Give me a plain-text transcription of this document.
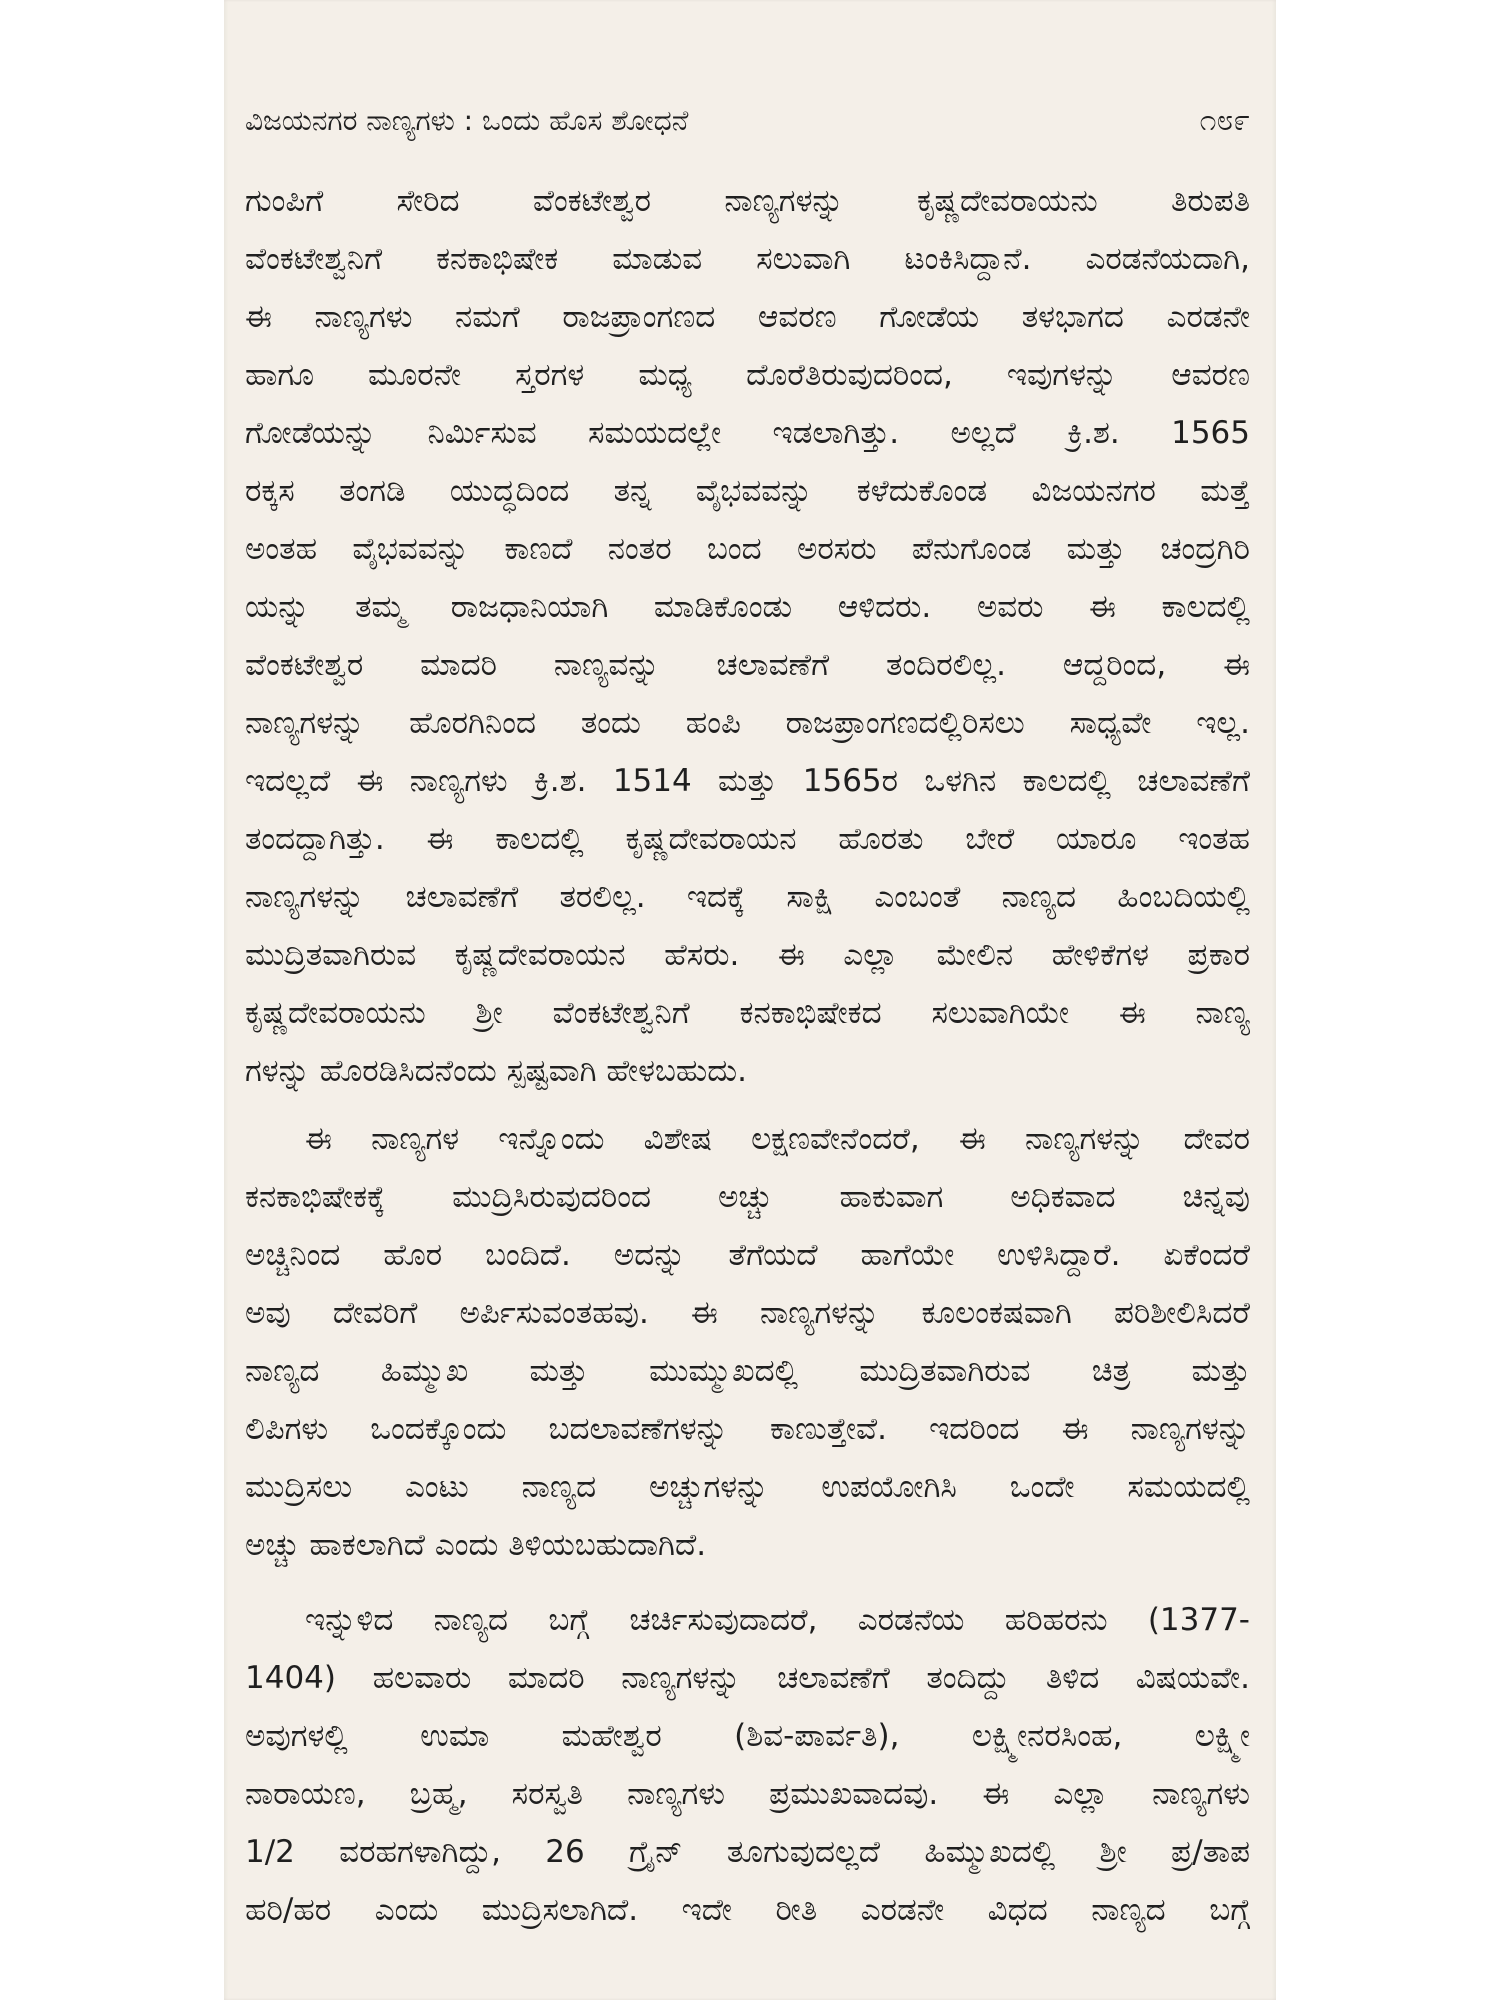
ವಿಜಯನಗರ ನಾಣ್ಯಗಳು : ಒಂದು ಹೊಸ ಶೋಧನೆ	೧೮೯
ಗುಂಪಿಗೆ ಸೇರಿದ ವೆಂಕಟೇಶ್ವರ ನಾಣ್ಯಗಳನ್ನು ಕೃಷ್ಣದೇವರಾಯನು ತಿರುಪತಿ
ವೆಂಕಟೇಶ್ವನಿಗೆ ಕನಕಾಭಿಷೇಕ ಮಾಡುವ ಸಲುವಾಗಿ ಟಂಕಿಸಿದ್ದಾನೆ. ಎರಡನೆಯದಾಗಿ,
ಈ ನಾಣ್ಯಗಳು ನಮಗೆ ರಾಜಪ್ರಾಂಗಣದ ಆವರಣ ಗೋಡೆಯ ತಳಭಾಗದ ಎರಡನೇ
ಹಾಗೂ ಮೂರನೇ ಸ್ತರಗಳ ಮಧ್ಯ ದೊರೆತಿರುವುದರಿಂದ, ಇವುಗಳನ್ನು ಆವರಣ
ಗೋಡೆಯನ್ನು ನಿರ್ಮಿಸುವ ಸಮಯದಲ್ಲೇ ಇಡಲಾಗಿತ್ತು. ಅಲ್ಲದೆ ಕ್ರಿ.ಶ. 1565
ರಕ್ಕಸ ತಂಗಡಿ ಯುದ್ಧದಿಂದ ತನ್ನ ವೈಭವವನ್ನು ಕಳೆದುಕೊಂಡ ವಿಜಯನಗರ ಮತ್ತೆ
ಅಂತಹ ವೈಭವವನ್ನು ಕಾಣದೆ ನಂತರ ಬಂದ ಅರಸರು ಪೆನುಗೊಂಡ ಮತ್ತು ಚಂದ್ರಗಿರಿ
ಯನ್ನು ತಮ್ಮ ರಾಜಧಾನಿಯಾಗಿ ಮಾಡಿಕೊಂಡು ಆಳಿದರು. ಅವರು ಈ ಕಾಲದಲ್ಲಿ
ವೆಂಕಟೇಶ್ವರ ಮಾದರಿ ನಾಣ್ಯವನ್ನು ಚಲಾವಣೆಗೆ ತಂದಿರಲಿಲ್ಲ. ಆದ್ದರಿಂದ, ಈ
ನಾಣ್ಯಗಳನ್ನು ಹೊರಗಿನಿಂದ ತಂದು ಹಂಪಿ ರಾಜಪ್ರಾಂಗಣದಲ್ಲಿರಿಸಲು ಸಾಧ್ಯವೇ ಇಲ್ಲ.
ಇದಲ್ಲದೆ ಈ ನಾಣ್ಯಗಳು ಕ್ರಿ.ಶ. 1514 ಮತ್ತು 1565ರ ಒಳಗಿನ ಕಾಲದಲ್ಲಿ ಚಲಾವಣೆಗೆ
ತಂದದ್ದಾಗಿತ್ತು. ಈ ಕಾಲದಲ್ಲಿ ಕೃಷ್ಣದೇವರಾಯನ ಹೊರತು ಬೇರೆ ಯಾರೂ ಇಂತಹ
ನಾಣ್ಯಗಳನ್ನು ಚಲಾವಣೆಗೆ ತರಲಿಲ್ಲ. ಇದಕ್ಕೆ ಸಾಕ್ಷಿ ಎಂಬಂತೆ ನಾಣ್ಯದ ಹಿಂಬದಿಯಲ್ಲಿ
ಮುದ್ರಿತವಾಗಿರುವ ಕೃಷ್ಣದೇವರಾಯನ ಹೆಸರು. ಈ ಎಲ್ಲಾ ಮೇಲಿನ ಹೇಳಿಕೆಗಳ ಪ್ರಕಾರ
ಕೃಷ್ಣದೇವರಾಯನು ಶ್ರೀ ವೆಂಕಟೇಶ್ವನಿಗೆ ಕನಕಾಭಿಷೇಕದ ಸಲುವಾಗಿಯೇ ಈ ನಾಣ್ಯ
ಗಳನ್ನು ಹೊರಡಿಸಿದನೆಂದು ಸ್ಪಷ್ಟವಾಗಿ ಹೇಳಬಹುದು.
ಈ ನಾಣ್ಯಗಳ ಇನ್ನೊಂದು ವಿಶೇಷ ಲಕ್ಷಣವೇನೆಂದರೆ, ಈ ನಾಣ್ಯಗಳನ್ನು ದೇವರ
ಕನಕಾಭಿಷೇಕಕ್ಕೆ ಮುದ್ರಿಸಿರುವುದರಿಂದ ಅಚ್ಚು ಹಾಕುವಾಗ ಅಧಿಕವಾದ ಚಿನ್ನವು
ಅಚ್ಚಿನಿಂದ ಹೊರ ಬಂದಿದೆ. ಅದನ್ನು ತೆಗೆಯದೆ ಹಾಗೆಯೇ ಉಳಿಸಿದ್ದಾರೆ. ಏಕೆಂದರೆ
ಅವು ದೇವರಿಗೆ ಅರ್ಪಿಸುವಂತಹವು. ಈ ನಾಣ್ಯಗಳನ್ನು ಕೂಲಂಕಷವಾಗಿ ಪರಿಶೀಲಿಸಿದರೆ
ನಾಣ್ಯದ ಹಿಮ್ಮುಖ ಮತ್ತು ಮುಮ್ಮುಖದಲ್ಲಿ ಮುದ್ರಿತವಾಗಿರುವ ಚಿತ್ರ ಮತ್ತು
ಲಿಪಿಗಳು ಒಂದಕ್ಕೊಂದು ಬದಲಾವಣೆಗಳನ್ನು ಕಾಣುತ್ತೇವೆ. ಇದರಿಂದ ಈ ನಾಣ್ಯಗಳನ್ನು
ಮುದ್ರಿಸಲು ಎಂಟು ನಾಣ್ಯದ ಅಚ್ಚುಗಳನ್ನು ಉಪಯೋಗಿಸಿ ಒಂದೇ ಸಮಯದಲ್ಲಿ
ಅಚ್ಚು ಹಾಕಲಾಗಿದೆ ಎಂದು ತಿಳಿಯಬಹುದಾಗಿದೆ.
ಇನ್ನುಳಿದ ನಾಣ್ಯದ ಬಗ್ಗೆ ಚರ್ಚಿಸುವುದಾದರೆ, ಎರಡನೆಯ ಹರಿಹರನು (1377-
1404) ಹಲವಾರು ಮಾದರಿ ನಾಣ್ಯಗಳನ್ನು ಚಲಾವಣೆಗೆ ತಂದಿದ್ದು ತಿಳಿದ ವಿಷಯವೇ.
ಅವುಗಳಲ್ಲಿ ಉಮಾ ಮಹೇಶ್ವರ (ಶಿವ-ಪಾರ್ವತಿ), ಲಕ್ಷ್ಮೀನರಸಿಂಹ, ಲಕ್ಷ್ಮೀ
ನಾರಾಯಣ, ಬ್ರಹ್ಮ, ಸರಸ್ವತಿ ನಾಣ್ಯಗಳು ಪ್ರಮುಖವಾದವು. ಈ ಎಲ್ಲಾ ನಾಣ್ಯಗಳು
1/2 ವರಹಗಳಾಗಿದ್ದು, 26 ಗ್ರೈನ್ ತೂಗುವುದಲ್ಲದೆ ಹಿಮ್ಮುಖದಲ್ಲಿ ಶ್ರೀ ಪ್ರ/ತಾಪ
ಹರಿ/ಹರ ಎಂದು ಮುದ್ರಿಸಲಾಗಿದೆ. ಇದೇ ರೀತಿ ಎರಡನೇ ವಿಧದ ನಾಣ್ಯದ ಬಗ್ಗೆ
